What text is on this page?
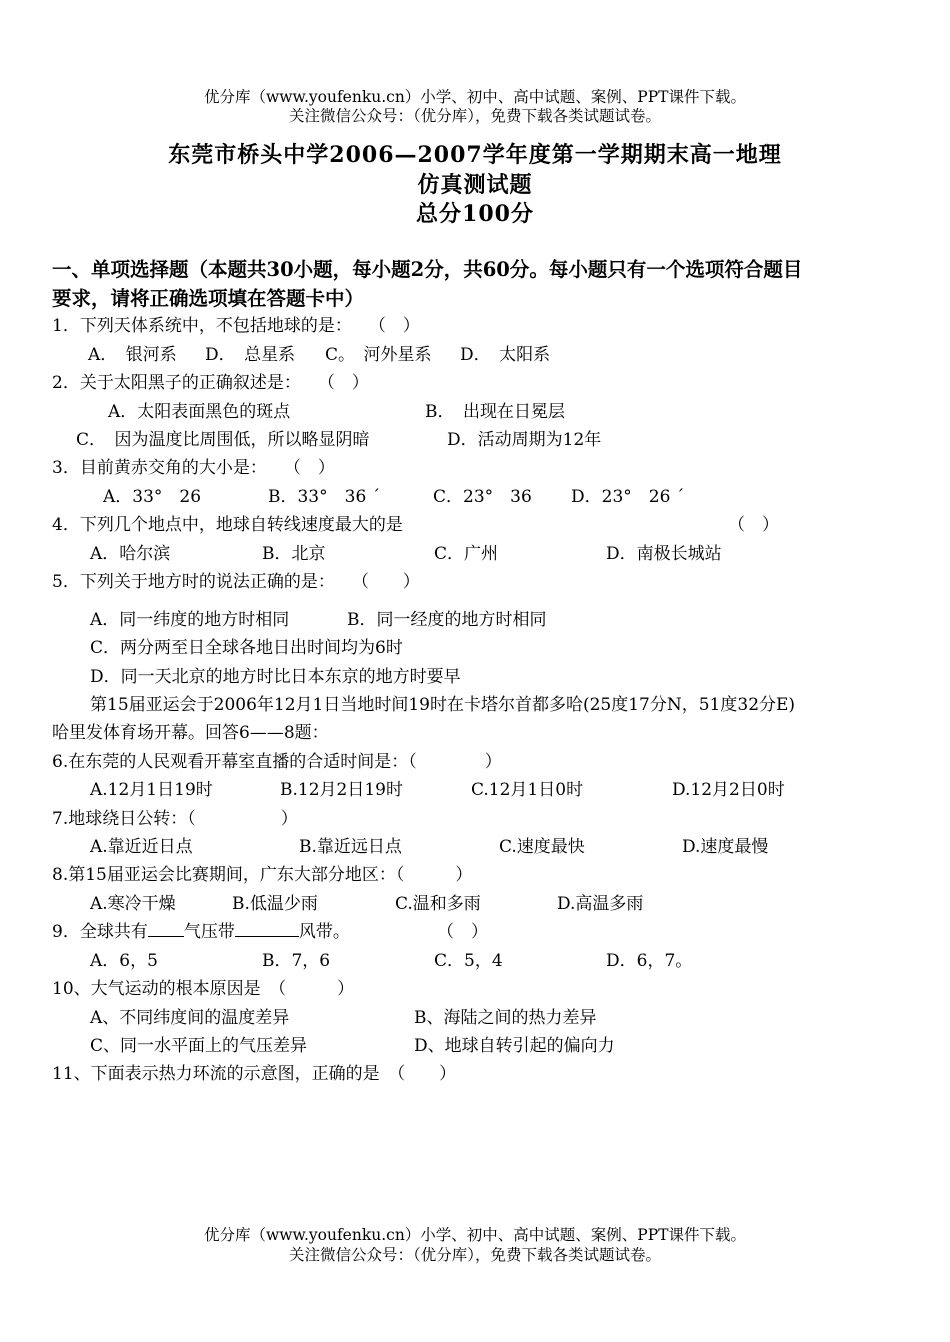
优分库（www.youfenku.cn）小学、初中、高中试题、案例、PPT课件下载。
关注微信公众号：（优分库），免费下载各类试题试卷。
东莞市桥头中学2006—2007学年度第一学期期末高一地理
仿真测试题
总分100分
一、单项选择题（本题共30小题，每小题2分，共60分。每小题只有一个选项符合题目
要求，请将正确选项填在答题卡中）
1．下列天体系统中，不包括地球的是：　　（　）
A．　银河系 D．　总星系 C。　河外星系 D．　太阳系
2．关于太阳黑子的正确叙述是：　　（　）
A．太阳表面黑色的斑点	B．　出现在日冕层
C．　因为温度比周围低，所以略显阴暗	D．活动周期为12年
3．目前黄赤交角的大小是：　　（　）
A．33°　26	B．33°　36 ´	C．23°　36 D．23°　26 ´
4．下列几个地点中，地球自转线速度最大的是	（　）
A．哈尔滨	B．北京	C．广州	D．南极长城站
5．下列关于地方时的说法正确的是：　　（　　）
A．同一纬度的地方时相同	B．同一经度的地方时相同
C．两分两至日全球各地日出时间均为6时
D．同一天北京的地方时比日本东京的地方时要早
第15届亚运会于2006年12月1日当地时间19时在卡塔尔首都多哈(25度17分N，51度32分E)
哈里发体育场开幕。回答6——8题：
6.在东莞的人民观看开幕室直播的合适时间是：（　　　　）
A.12月1日19时	B.12月2日19时	C.12月1日0时	D.12月2日0时
7.地球绕日公转：（　　　　　）
A.靠近近日点	B.靠近远日点	C.速度最快	D.速度最慢
8.第15届亚运会比赛期间，广东大部分地区：（　　　）
A.寒冷干燥	B.低温少雨	C.温和多雨	D.高温多雨
9．全球共有 气压带	风带。	（　）
A．6，5	B．7，6	C．5，4	D．6，7。
10、大气运动的根本原因是　（　　　）
A、不同纬度间的温度差异	B、海陆之间的热力差异
C、同一水平面上的气压差异	D、地球自转引起的偏向力
11、下面表示热力环流的示意图，正确的是　（　　）
优分库（www.youfenku.cn）小学、初中、高中试题、案例、PPT课件下载。
关注微信公众号：（优分库），免费下载各类试题试卷。
